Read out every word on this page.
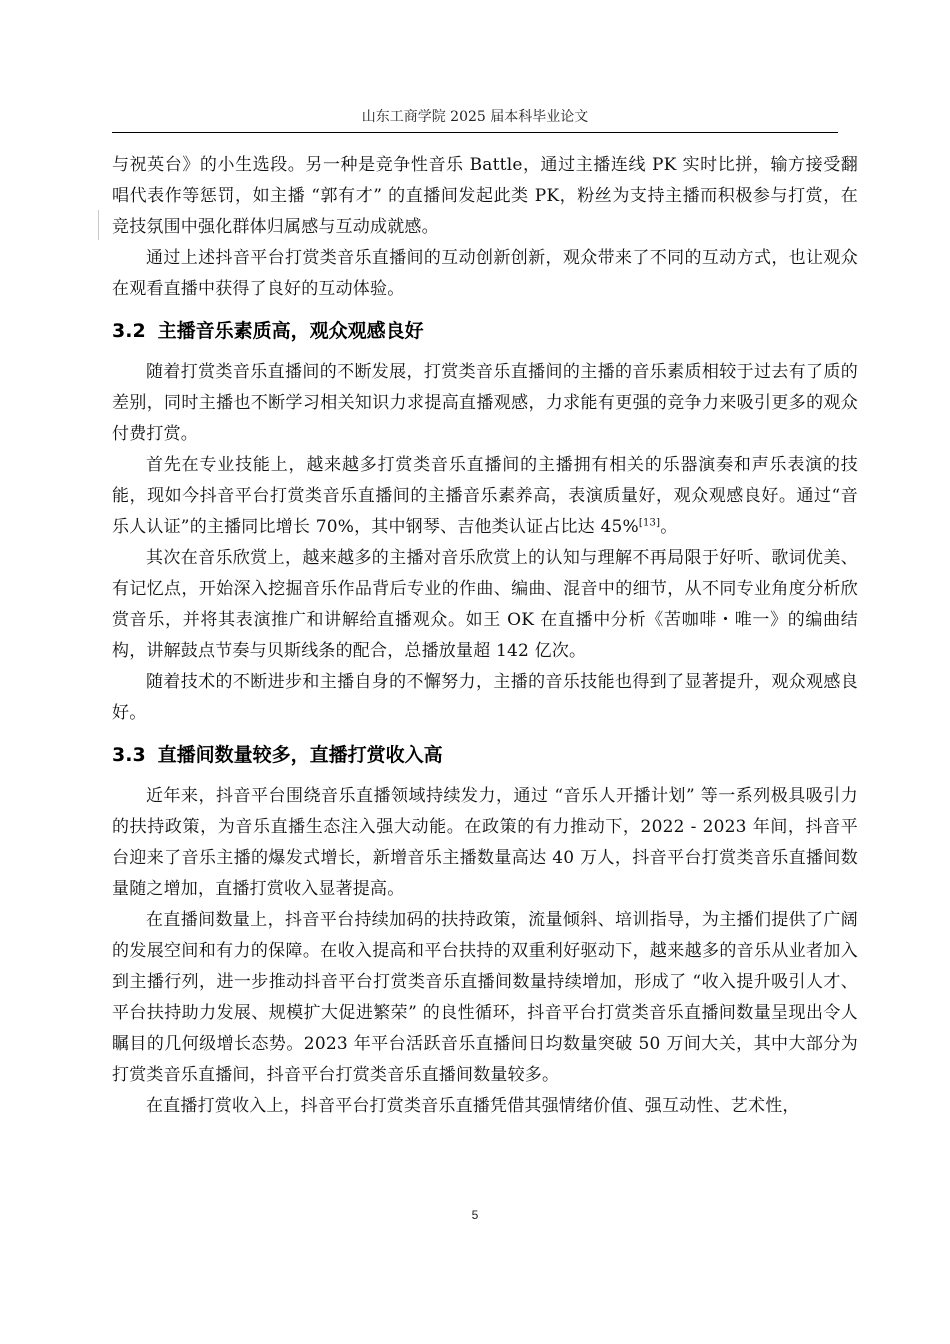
山东工商学院 2025 届本科毕业论文

与祝英台》的小生选段。另一种是竞争性音乐 Battle，通过主播连线 PK 实时比拼，输方接受翻唱代表作等惩罚，如主播 “郭有才” 的直播间发起此类 PK，粉丝为支持主播而积极参与打赏，在竞技氛围中强化群体归属感与互动成就感。

通过上述抖音平台打赏类音乐直播间的互动创新创新，观众带来了不同的互动方式，也让观众在观看直播中获得了良好的互动体验。

3.2 主播音乐素质高，观众观感良好

随着打赏类音乐直播间的不断发展，打赏类音乐直播间的主播的音乐素质相较于过去有了质的差别，同时主播也不断学习相关知识力求提高直播观感，力求能有更强的竞争力来吸引更多的观众付费打赏。

首先在专业技能上，越来越多打赏类音乐直播间的主播拥有相关的乐器演奏和声乐表演的技能，现如今抖音平台打赏类音乐直播间的主播音乐素养高，表演质量好，观众观感良好。通过“音乐人认证”的主播同比增长 70%，其中钢琴、吉他类认证占比达 45%[13]。

其次在音乐欣赏上，越来越多的主播对音乐欣赏上的认知与理解不再局限于好听、歌词优美、有记忆点，开始深入挖掘音乐作品背后专业的作曲、编曲、混音中的细节，从不同专业角度分析欣赏音乐，并将其表演推广和讲解给直播观众。如王 OK 在直播中分析《苦咖啡・唯一》的编曲结构，讲解鼓点节奏与贝斯线条的配合，总播放量超 142 亿次。

随着技术的不断进步和主播自身的不懈努力，主播的音乐技能也得到了显著提升，观众观感良好。

3.3 直播间数量较多，直播打赏收入高

近年来，抖音平台围绕音乐直播领域持续发力，通过 “音乐人开播计划” 等一系列极具吸引力的扶持政策，为音乐直播生态注入强大动能。在政策的有力推动下，2022 - 2023 年间，抖音平台迎来了音乐主播的爆发式增长，新增音乐主播数量高达 40 万人，抖音平台打赏类音乐直播间数量随之增加，直播打赏收入显著提高。

在直播间数量上，抖音平台持续加码的扶持政策，流量倾斜、培训指导，为主播们提供了广阔的发展空间和有力的保障。在收入提高和平台扶持的双重利好驱动下，越来越多的音乐从业者加入到主播行列，进一步推动抖音平台打赏类音乐直播间数量持续增加，形成了 “收入提升吸引人才、平台扶持助力发展、规模扩大促进繁荣” 的良性循环，抖音平台打赏类音乐直播间数量呈现出令人瞩目的几何级增长态势。2023 年平台活跃音乐直播间日均数量突破 50 万间大关，其中大部分为打赏类音乐直播间，抖音平台打赏类音乐直播间数量较多。

在直播打赏收入上，抖音平台打赏类音乐直播凭借其强情绪价值、强互动性、艺术性，

5
